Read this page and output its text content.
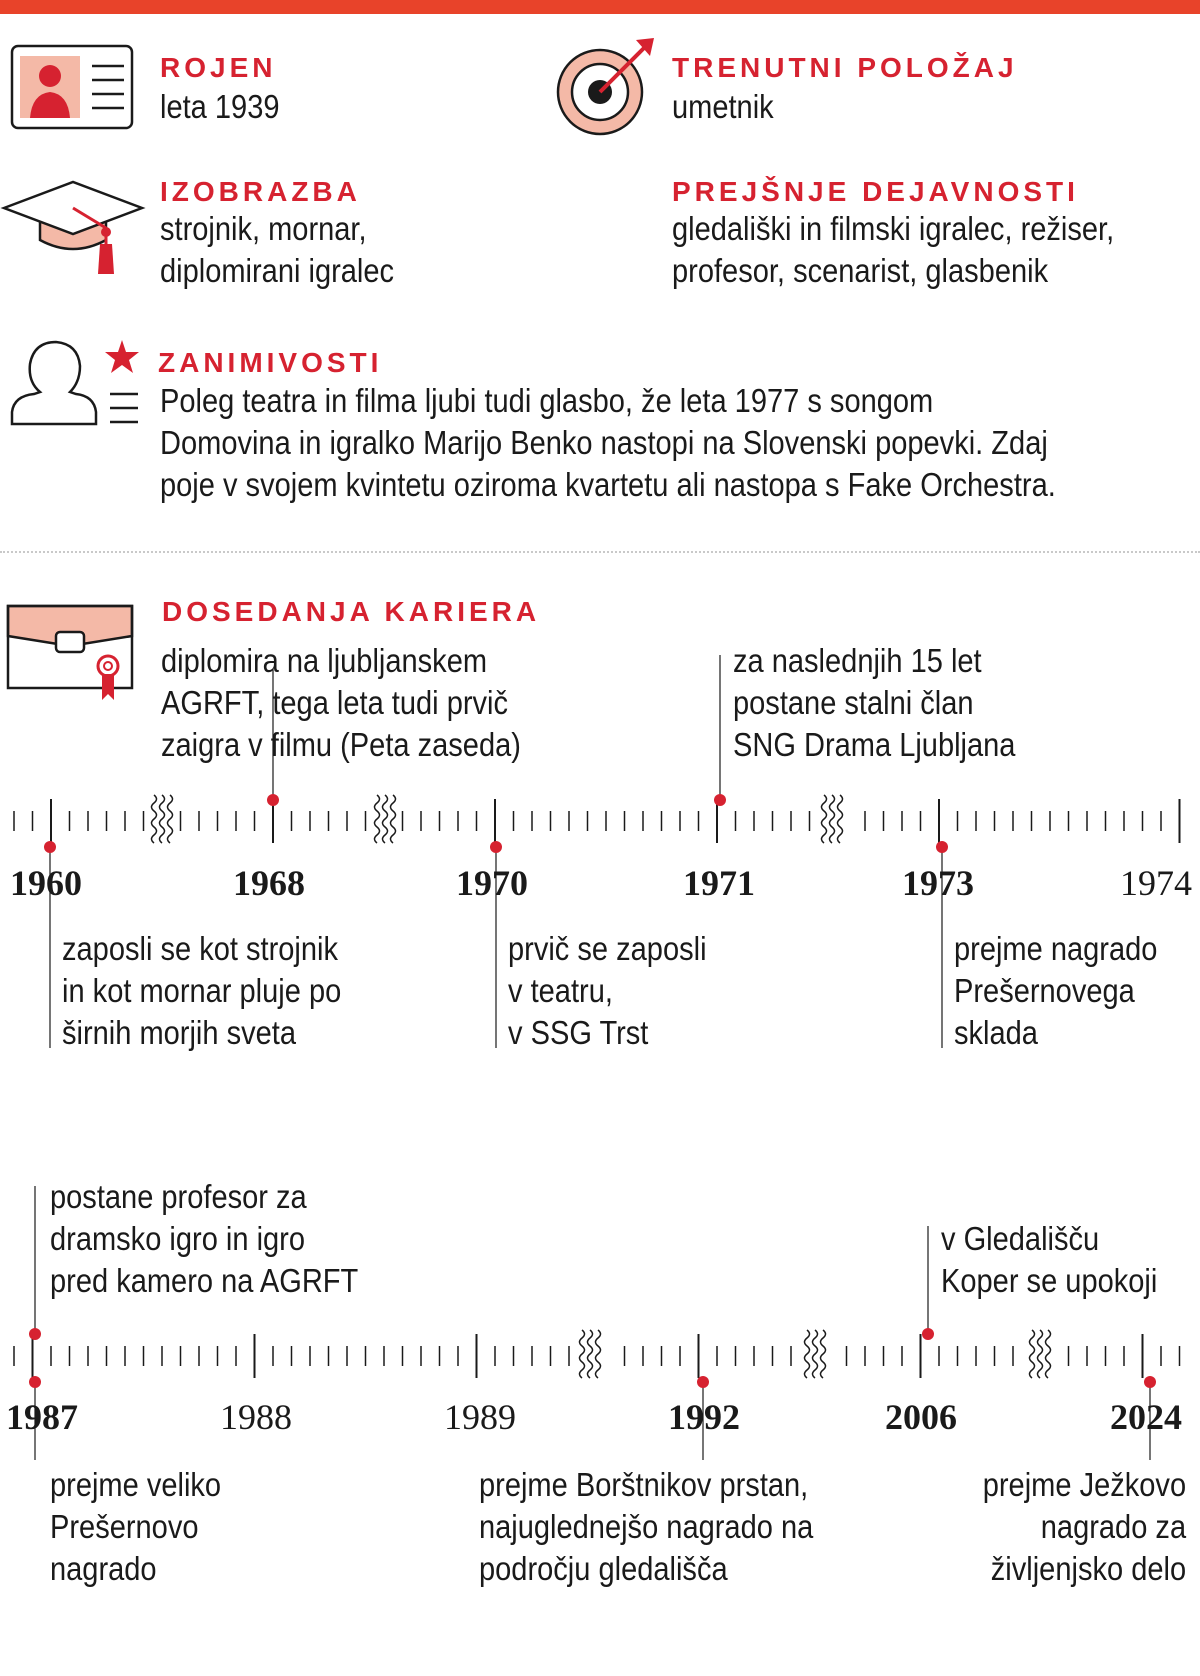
ROJEN
leta 1939
TRENUTNI POLOŽAJ
umetnik
IZOBRAZBA
strojnik, mornar,
diplomirani igralec
PREJŠNJE DEJAVNOSTI
gledališki in filmski igralec, režiser,
profesor, scenarist, glasbenik
ZANIMIVOSTI
Poleg teatra in filma ljubi tudi glasbo, že leta 1977 s songom
Domovina in igralko Marijo Benko nastopi na Slovenski popevki. Zdaj
poje v svojem kvintetu oziroma kvartetu ali nastopa s Fake Orchestra.
DOSEDANJA KARIERA
1960	1968	1970	1971	1973	1974
diplomira na ljubljanskem
AGRFT, tega leta tudi prvič
zaigra v filmu (Peta zaseda)
za naslednjih 15 let
postane stalni član
SNG Drama Ljubljana
zaposli se kot strojnik
in kot mornar pluje po
širnih morjih sveta
prvič se zaposli
v teatru,
v SSG Trst
prejme nagrado
Prešernovega
sklada
1987	1988	1989	1992	2006	2024
postane profesor za
dramsko igro in igro
pred kamero na AGRFT
v Gledališču
Koper se upokoji
prejme veliko
Prešernovo
nagrado
prejme Borštnikov prstan,
najuglednejšo nagrado na
področju gledališča
prejme Ježkovo
nagrado za
življenjsko delo
